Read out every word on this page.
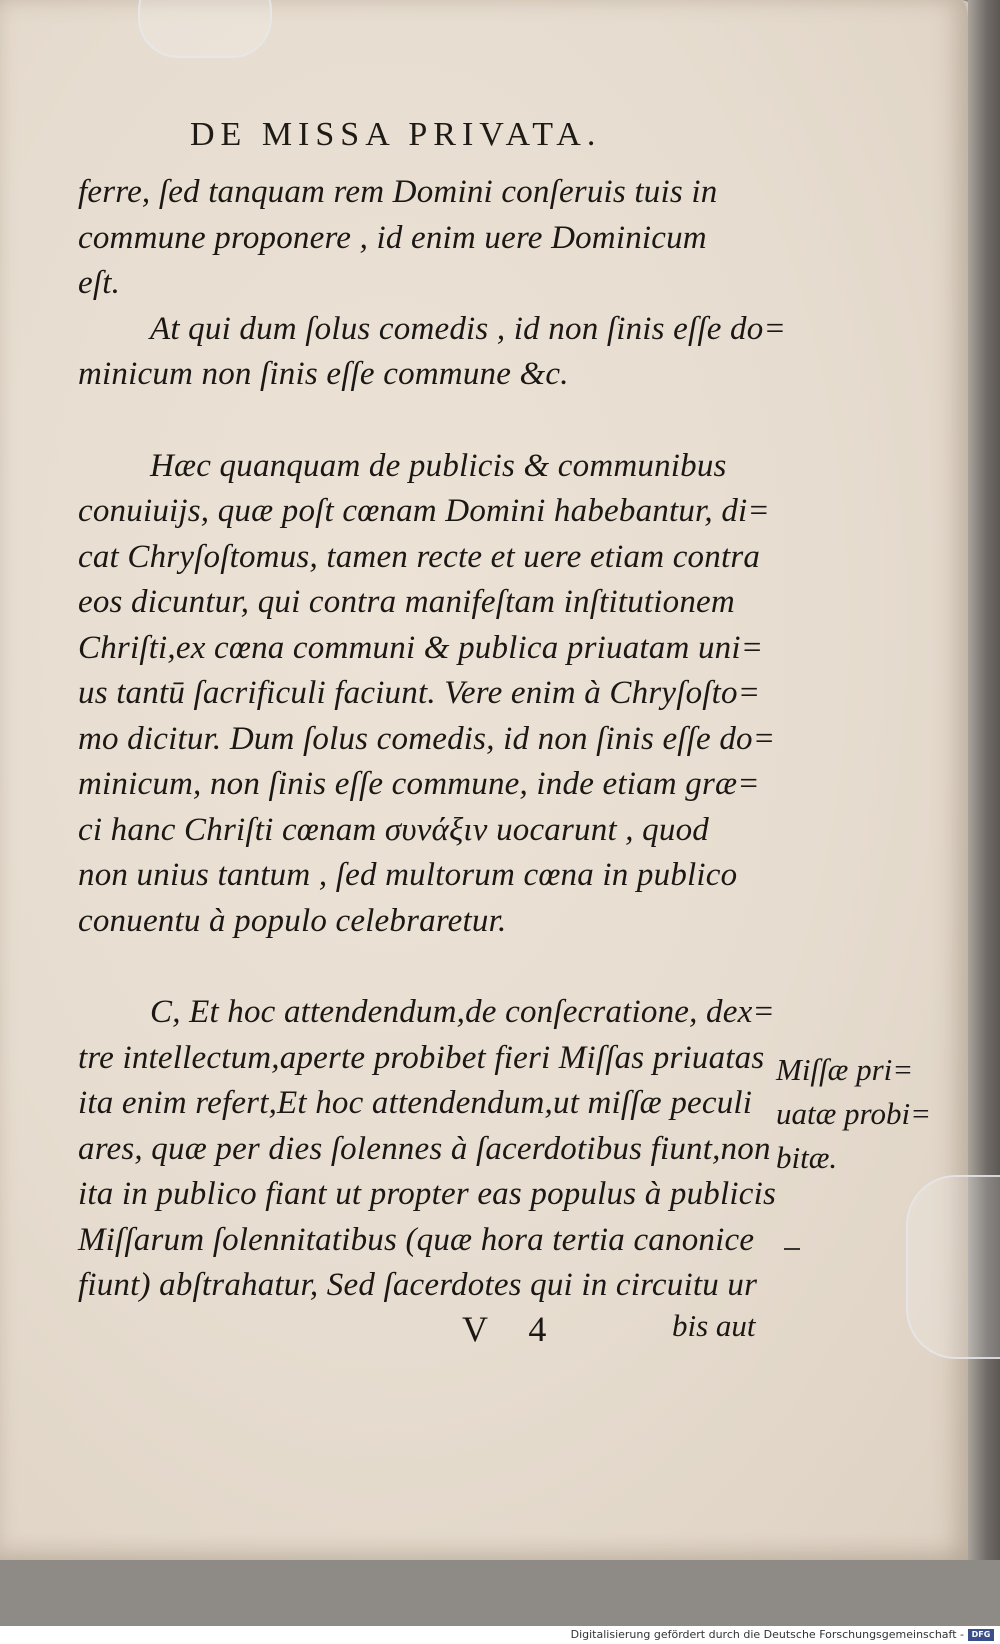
DE MISSA PRIVATA.
ferre, ſed tanquam rem Domini conſeruis tuis in
commune proponere , id enim uere Dominicum
eſt.
At qui dum ſolus comedis , id non ſinis eſſe do=
minicum non ſinis eſſe commune &c.
Hæc quanquam de publicis & communibus
conuiuijs, quæ poſt cœnam Domini habebantur, di=
cat Chryſoſtomus, tamen recte et uere etiam contra
eos dicuntur, qui contra manifeſtam inſtitutionem
Chriſti,ex cœna communi & publica priuatam uni=
us tantū ſacrificuli faciunt. Vere enim à Chryſoſto=
mo dicitur. Dum ſolus comedis, id non ſinis eſſe do=
minicum, non ſinis eſſe commune, inde etiam græ=
ci hanc Chriſti cœnam συνάξιν uocarunt , quod
non unius tantum , ſed multorum cœna in publico
conuentu à populo celebraretur.
C, Et hoc attendendum,de conſecratione, dex=
tre intellectum,aperte probibet fieri Miſſas priuatas
ita enim refert,Et hoc attendendum,ut miſſæ peculi
ares, quæ per dies ſolennes à ſacerdotibus fiunt,non
ita in publico fiant ut propter eas populus à publicis
Miſſarum ſolennitatibus (quæ hora tertia canonice
fiunt) abſtrahatur, Sed ſacerdotes qui in circuitu ur
Miſſæ pri=
uatæ probi=
bitæ.
V 4	bis aut
Digitalisierung gefördert durch die Deutsche Forschungsgemeinschaft - DFG
